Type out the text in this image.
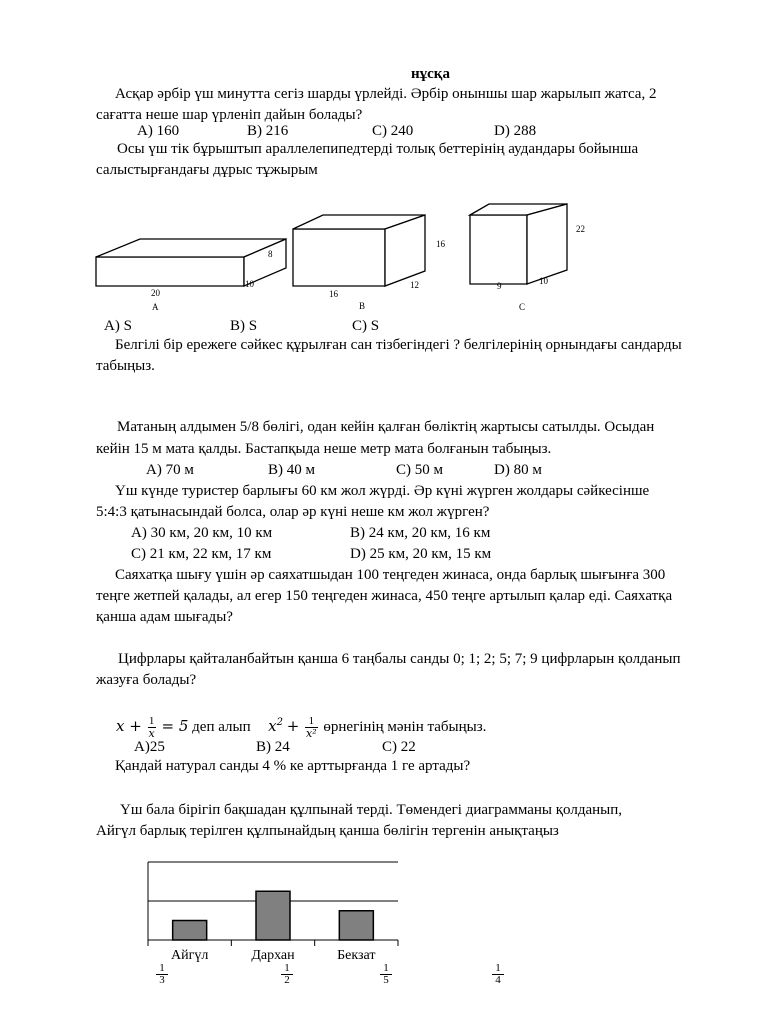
нұсқа
Асқар әрбір үш минутта сегіз шарды үрлейді. Әрбір оныншы шар жарылып жатса, 2
сағатта неше шар үрленіп дайын болады?
A) 160	B) 216	C) 240	D) 288
Осы үш тік бұрыштып араллелепипедтерді толық беттерінің аудандары бойынша
салыстырғандағы дұрыс тұжырым
8
10
20
A
16
12
16
B
22
10
9
C
A) S	B) S	C) S
Белгілі бір ережеге сәйкес құрылған сан тізбегіндегі ? белгілерінің орнындағы сандарды
табыңыз.
Матаның алдымен 5/8 бөлігі, одан кейін қалған бөліктің жартысы сатылды. Осыдан
кейін 15 м мата қалды. Бастапқыда неше метр мата болғанын табыңыз.
A) 70 м	B) 40 м	C) 50 м	D) 80 м
Үш күнде туристер барлығы 60 км жол жүрді. Әр күні жүрген жолдары сәйкесінше
5:4:3 қатынасындай болса, олар әр күні неше км жол жүрген?
A) 30 км, 20 км, 10 км	B) 24 км, 20 км, 16 км
C) 21 км, 22 км, 17 км	D) 25 км, 20 км, 15 км
Саяхатқа шығу үшін әр саяхатшыдан 100 теңгеден жинаса, онда барлық шығынға 300
теңге жетпей қалады, ал егер 150 теңгеден жинаса, 450 теңге артылып қалар еді. Саяхатқа
қанша адам шығады?
Цифрлары қайталанбайтын қанша 6 таңбалы санды 0; 1; 2; 5; 7; 9 цифрларын қолданып
жазуға болады?
$x + \frac{1}{x} = 5$ деп алып $x^2 + \frac{1}{\text{x²}}$ өрнегінің мәнін табыңыз.
A)25	B) 24	C) 22
Қандай натурал санды 4 % ке арттырғанда 1 ге артады?
Үш бала бірігіп бақшадан құлпынай терді. Төмендегі диаграмманы қолданып,
Айгүл барлық терілген құлпынайдың қанша бөлігін тергенін анықтаңыз
Айгүл	Дархан	Бекзат
1
3
1
2
1
5
1
4
